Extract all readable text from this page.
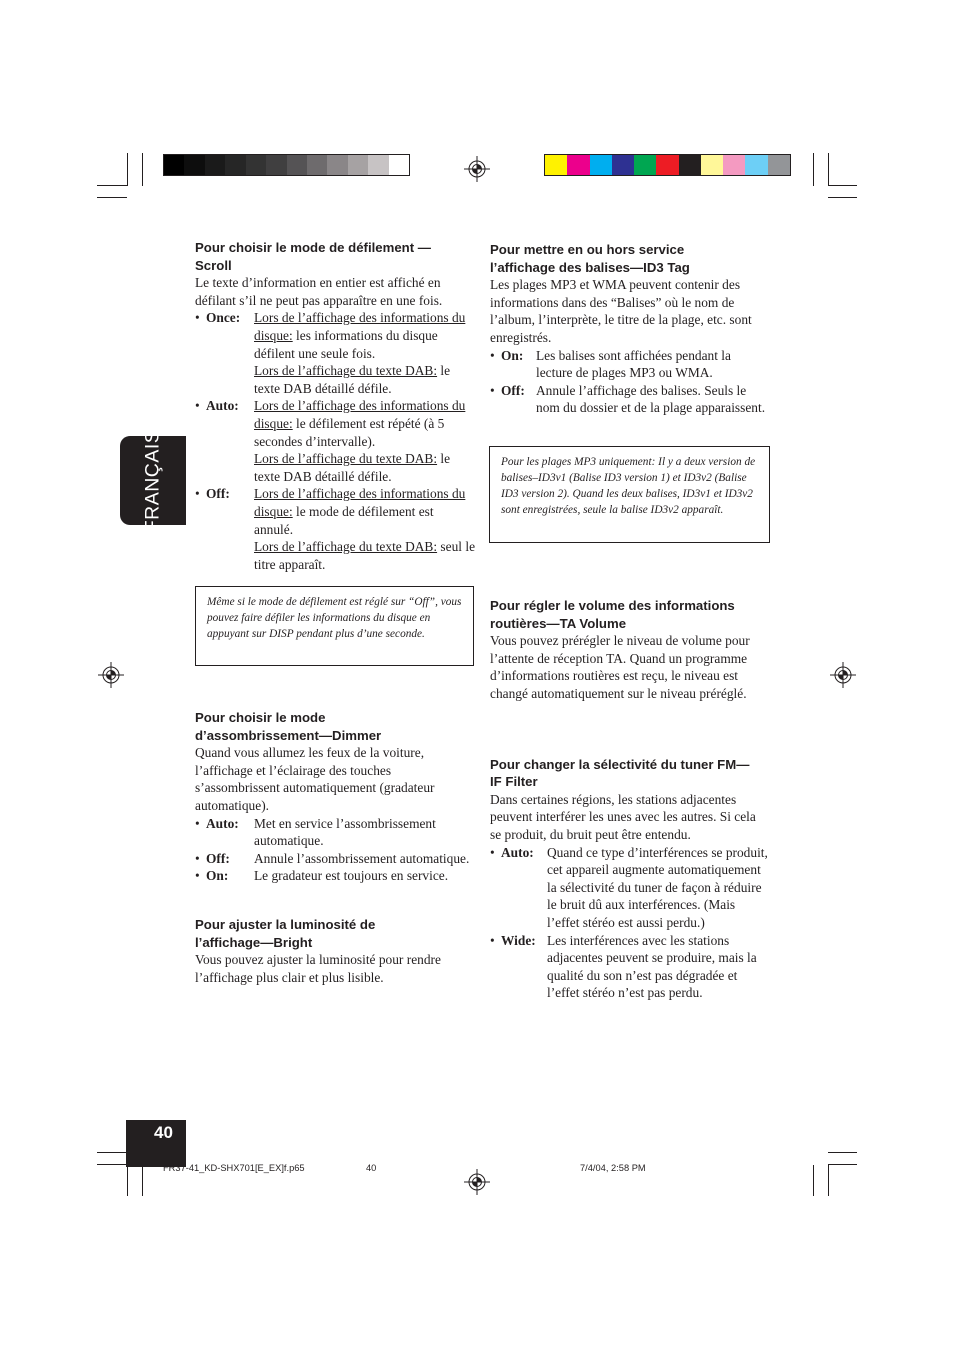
FRANÇAIS
Pour choisir le mode de défilement —Scroll

Le texte d’information en entier est affiché en défilant s’il ne peut pas apparaître en une fois.

• Once: Lors de l’affichage des informations du disque: les informations du disque défilent une seule fois.
Lors de l’affichage du texte DAB: le texte DAB détaillé défile.
• Auto: Lors de l’affichage des informations du disque: le défilement est répété (à 5 secondes d’intervalle).
Lors de l’affichage du texte DAB: le texte DAB détaillé défile.
• Off: Lors de l’affichage des informations du disque: le mode de défilement est annulé.
Lors de l’affichage du texte DAB: seul le titre apparaît.
Même si le mode de défilement est réglé sur “Off”, vous pouvez faire défiler les informations du disque en appuyant sur DISP pendant plus d’une seconde.
Pour choisir le mode d’assombrissement—Dimmer

Quand vous allumez les feux de la voiture, l’affichage et l’éclairage des touches s’assombrissent automatiquement (gradateur automatique).

• Auto: Met en service l’assombrissement automatique.
• Off: Annule l’assombrissement automatique.
• On: Le gradateur est toujours en service.
Pour ajuster la luminosité de l’affichage—Bright

Vous pouvez ajuster la luminosité pour rendre l’affichage plus clair et plus lisible.

Pour mettre en ou hors service l’affichage des balises—ID3 Tag

Les plages MP3 et WMA peuvent contenir des informations dans des “Balises” où le nom de l’album, l’interprète, le titre de la plage, etc. sont enregistrés.

• On: Les balises sont affichées pendant la lecture de plages MP3 ou WMA.
• Off: Annule l’affichage des balises. Seuls le nom du dossier et de la plage apparaissent.
Pour les plages MP3 uniquement: Il y a deux version de balises–ID3v1 (Balise ID3 version 1) et ID3v2 (Balise ID3 version 2). Quand les deux balises, ID3v1 et ID3v2 sont enregistrées, seule la balise ID3v2 apparaît.
Pour régler le volume des informations routières—TA Volume

Vous pouvez prérégler le niveau de volume pour l’attente de réception TA. Quand un programme d’informations routières est reçu, le niveau est changé automatiquement sur le niveau préréglé.

Pour changer la sélectivité du tuner FM—IF Filter

Dans certaines régions, les stations adjacentes peuvent interférer les unes avec les autres. Si cela se produit, du bruit peut être entendu.

• Auto: Quand ce type d’interférences se produit, cet appareil augmente automatiquement la sélectivité du tuner de façon à réduire le bruit dû aux interférences. (Mais l’effet stéréo est aussi perdu.)
• Wide: Les interférences avec les stations adjacentes peuvent se produire, mais la qualité du son n’est pas dégradée et l’effet stéréo n’est pas perdu.
40
FR37-41_KD-SHX701[E_EX]f.p65	40	7/4/04, 2:58 PM
